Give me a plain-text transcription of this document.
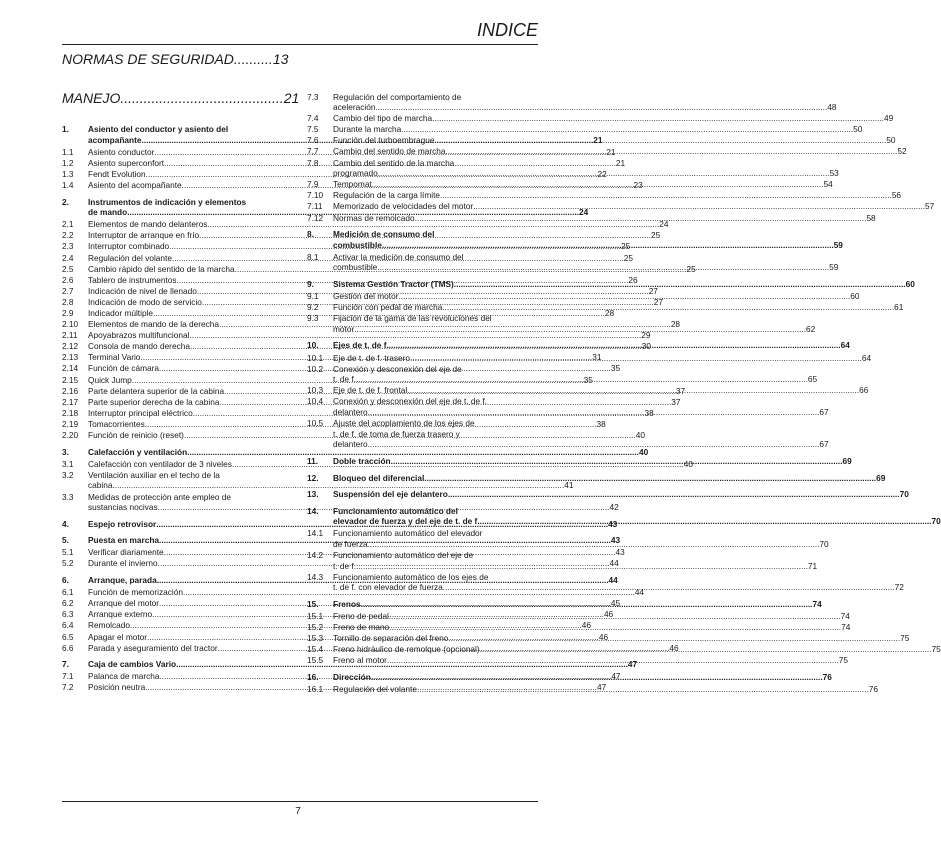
INDICE
NORMAS DE SEGURIDAD..........13
MANEJO..........................................21
1.	Asiento del conductor y asiento del
acompañante .....	21
1.1	Asiento conductor .....	21
1.2	Asiento superconfort .....	21
1.3	Fendt Evolution .....	22
1.4	Asiento del acompañante .....	23
2.	Instrumentos de indicación y elementos
de mando .....	24
2.1	Elementos de mando delanteros .....	24
2.2	Interruptor de arranque en frío .....	25
2.3	Interruptor combinado .....	25
2.4	Regulación del volante .....	25
2.5	Cambio rápido del sentido de la marcha .....	25
2.6	Tablero de instrumentos .....	26
2.7	Indicación de nivel de llenado .....	27
2.8	Indicación de modo de servicio .....	27
2.9	Indicador múltiple .....	28
2.10	Elementos de mando de la derecha .....	28
2.11	Apoyabrazos multifuncional .....	29
2.12	Consola de mando derecha .....	30
2.13	Terminal Vario .....	31
2.14	Función de cámara .....	35
2.15	Quick Jump .....	35
2.16	Parte delantera superior de la cabina .....	37
2.17	Parte superior derecha de la cabina .....	37
2.18	Interruptor principal eléctrico .....	38
2.19	Tomacorrientes .....	38
2.20	Función de reinicio (reset) .....	40
3.	Calefacción y ventilación .....	40
3.1	Calefacción con ventilador de 3 niveles .....	40
3.2	Ventilación auxiliar en el techo de la
cabina .....	41
3.3	Medidas de protección ante empleo de
sustancias nocivas .....	42
4.	Espejo retrovisor .....	43
5.	Puesta en marcha .....	43
5.1	Verificar diariamente .....	43
5.2	Durante el invierno .....	44
6.	Arranque, parada .....	44
6.1	Función de memorización .....	44
6.2	Arranque del motor .....	45
6.3	Arranque externo .....	46
6.4	Remolcado .....	46
6.5	Apagar el motor .....	46
6.6	Parada y aseguramiento del tractor .....	46
7.	Caja de cambios Vario .....	47
7.1	Palanca de marcha .....	47
7.2	Posición neutra .....	47
7.3	Regulación del comportamiento de
aceleración .....	48
7.4	Cambio del tipo de marcha .....	49
7.5	Durante la marcha .....	50
7.6	Función del turboembrague .....	50
7.7	Cambio del sentido de marcha .....	52
7.8	Cambio del sentido de la marcha
programado .....	53
7.9	Tempomat .....	54
7.10	Regulación de la carga límite .....	56
7.11	Memorizado de velocidades del motor .....	57
7.12	Normas de remolcado .....	58
8.	Medición de consumo del
combustible .....	59
8.1	Activar la medición de consumo del
combustible .....	59
9.	Sistema Gestión Tractor (TMS) .....	60
9.1	Gestión del motor .....	60
9.2	Función con pedal de marcha .....	61
9.3	Fijación de la gama de las revoluciones del
motor .....	62
10.	Ejes de t. de f. .....	64
10.1	Eje de t. de f. trasero .....	64
10.2	Conexión y desconexión del eje de
t. de f. .....	65
10.3	Eje de t. de f. frontal .....	66
10.4	Conexión y desconexión del eje de t. de f.
delantero .....	67
10.5	Ajuste del acoplamiento de los ejes de
t. de f. de toma de fuerza trasero y
delantero .....	67
11.	Doble tracción .....	69
12.	Bloqueo del diferencial .....	69
13.	Suspensión del eje delantero .....	70
14.	Funcionamiento automático del
elevador de fuerza y del eje de t. de f. .....	70
14.1	Funcionamiento automático del elevador
de fuerza .....	70
14.2	Funcionamiento automático del eje de
t. de f. .....	71
14.3	Funcionamiento automático de los ejes de
t. de f. con elevador de fuerza .....	72
15.	Frenos .....	74
15.1	Freno de pedal .....	74
15.2	Freno de mano .....	74
15.3	Tornillo de separación del freno .....	75
15.4	Freno hidráulico de remolque (opcional) .....	75
15.5	Freno al motor .....	75
16.	Dirección .....	76
16.1	Regulación del volante .....	76
7
